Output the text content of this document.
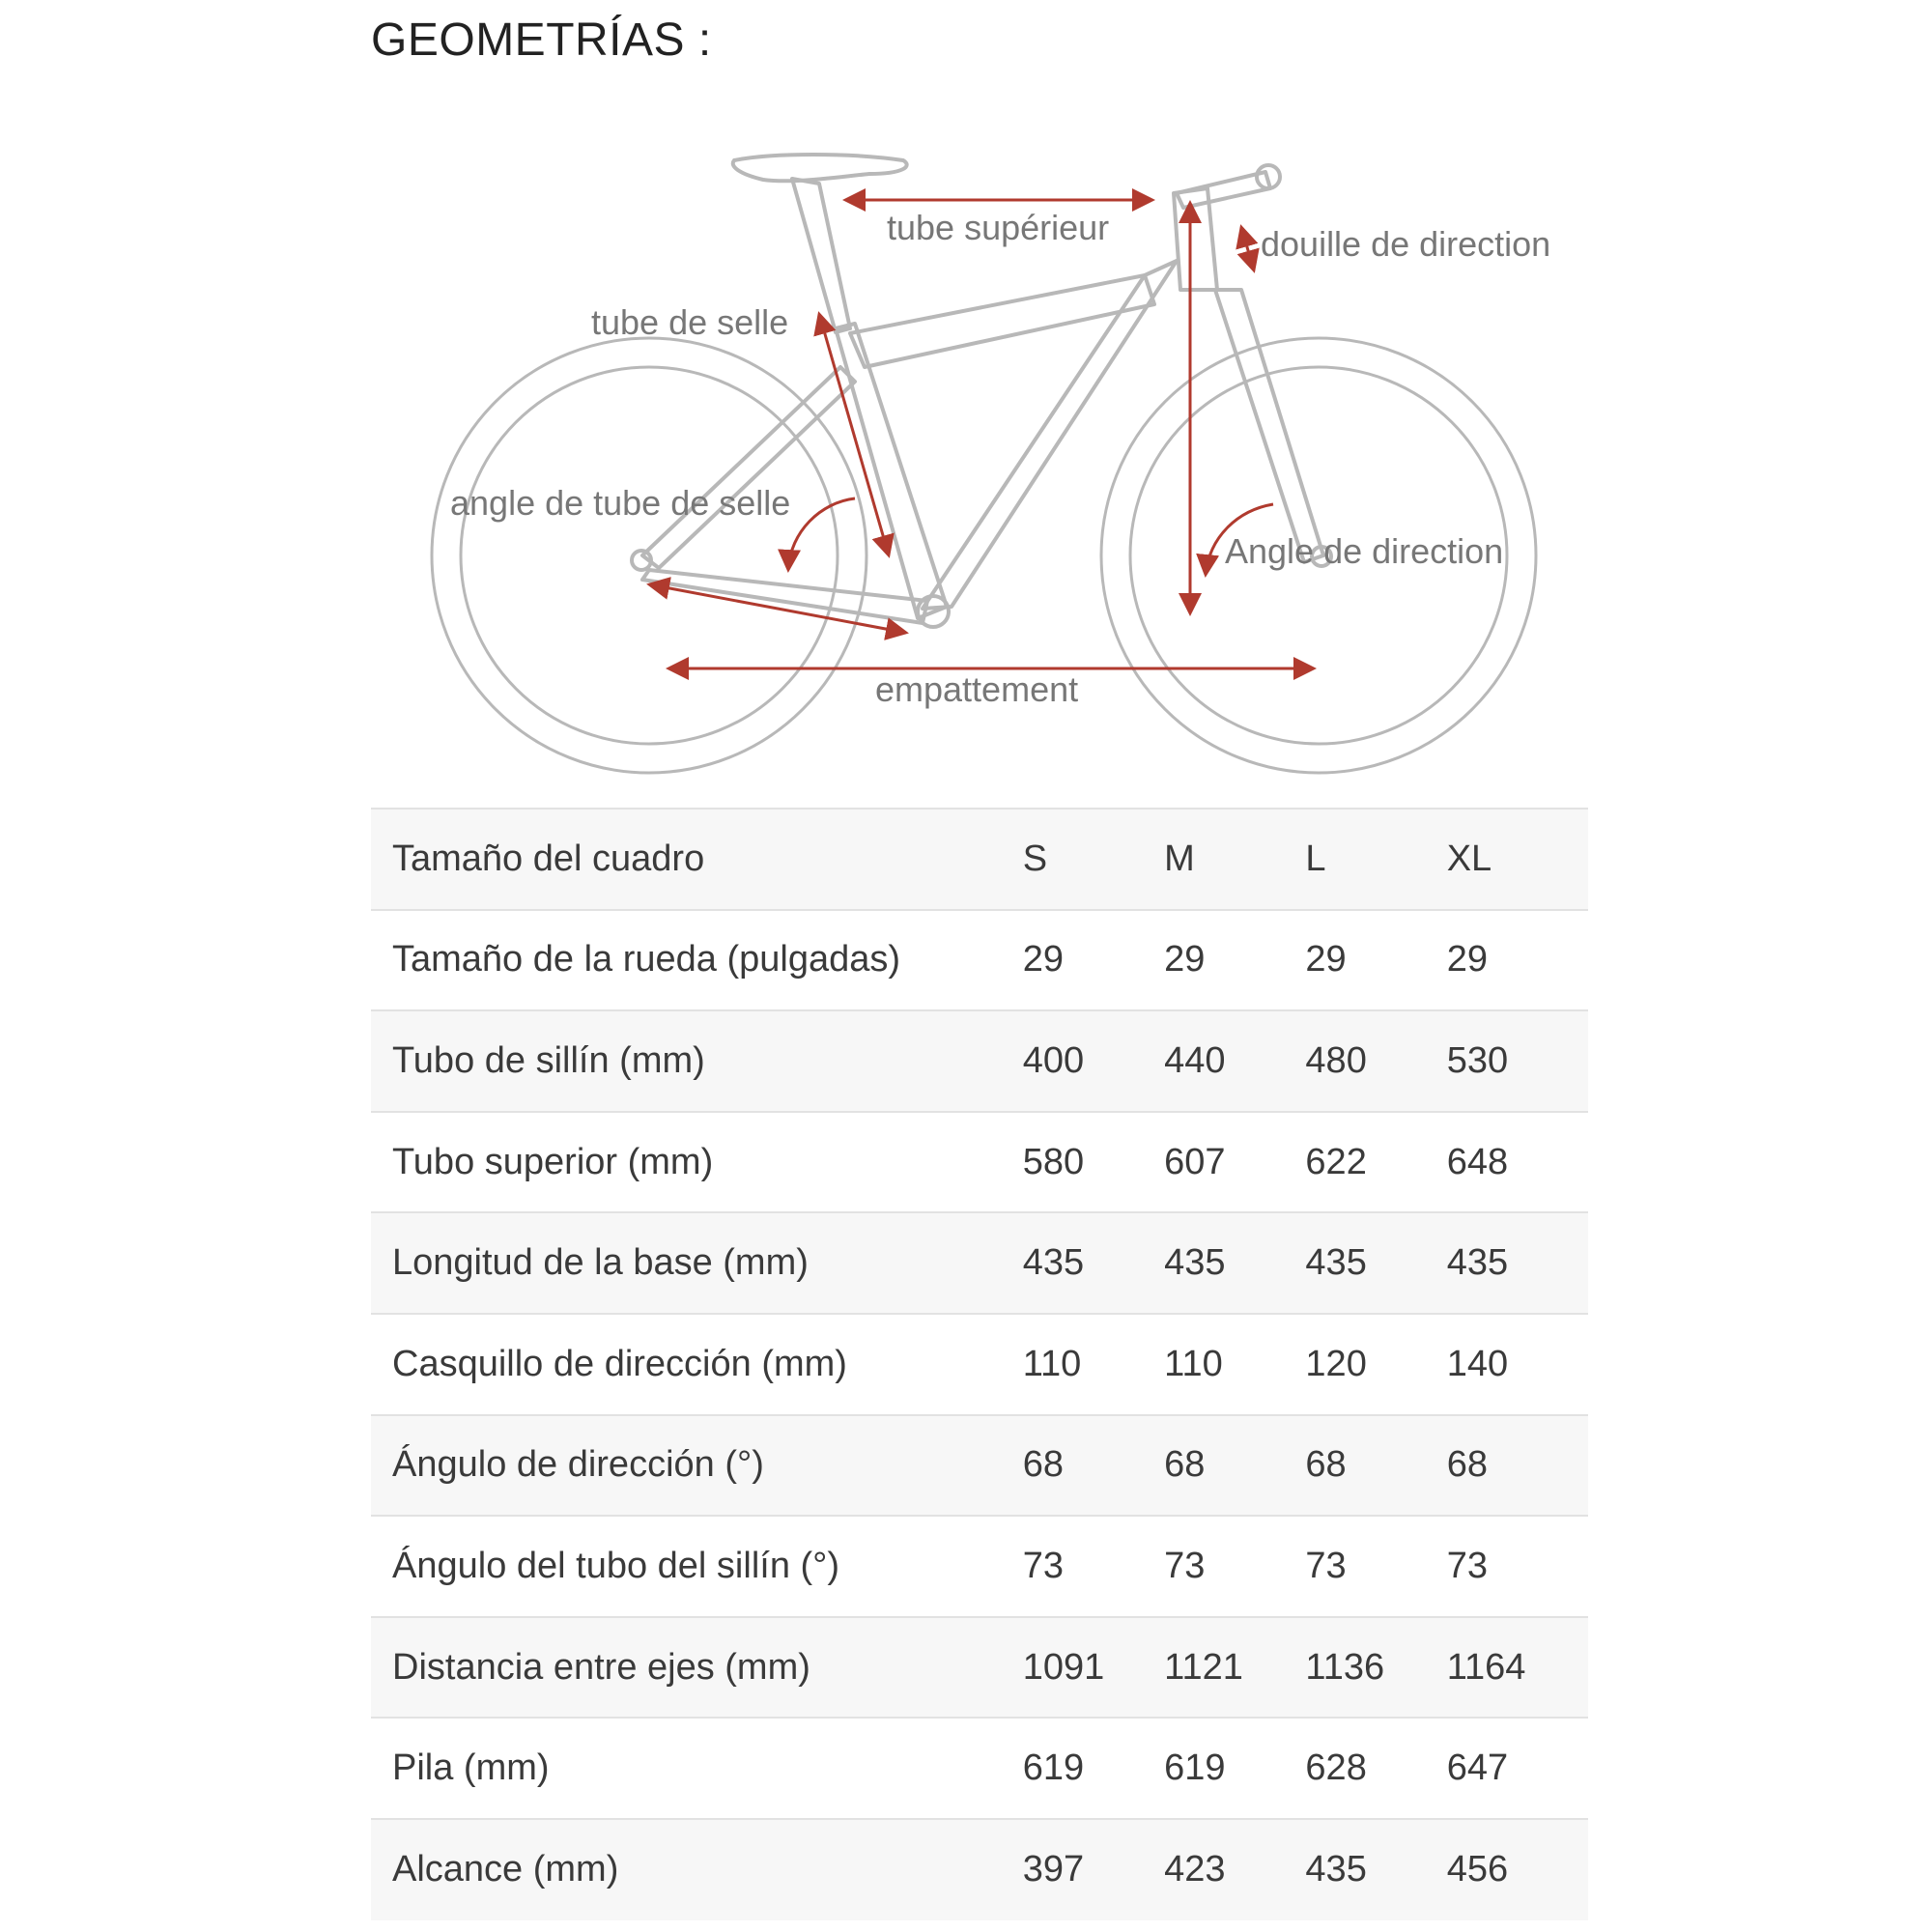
GEOMETRÍAS :
tube supérieur	douille de direction
tube de selle
angle de tube de selle
Angle de direction
empattement
Tamaño del cuadro	S	M	L	XL
Tamaño de la rueda (pulgadas)	29	29	29	29
Tubo de sillín (mm)	400	440	480	530
Tubo superior (mm)	580	607	622	648
Longitud de la base (mm)	435	435	435	435
Casquillo de dirección (mm)	110	110	120	140
Ángulo de dirección (°)	68	68	68	68
Ángulo del tubo del sillín (°)	73	73	73	73
Distancia entre ejes (mm)	1091	1121	1136	1164
Pila (mm)	619	619	628	647
Alcance (mm)	397	423	435	456
